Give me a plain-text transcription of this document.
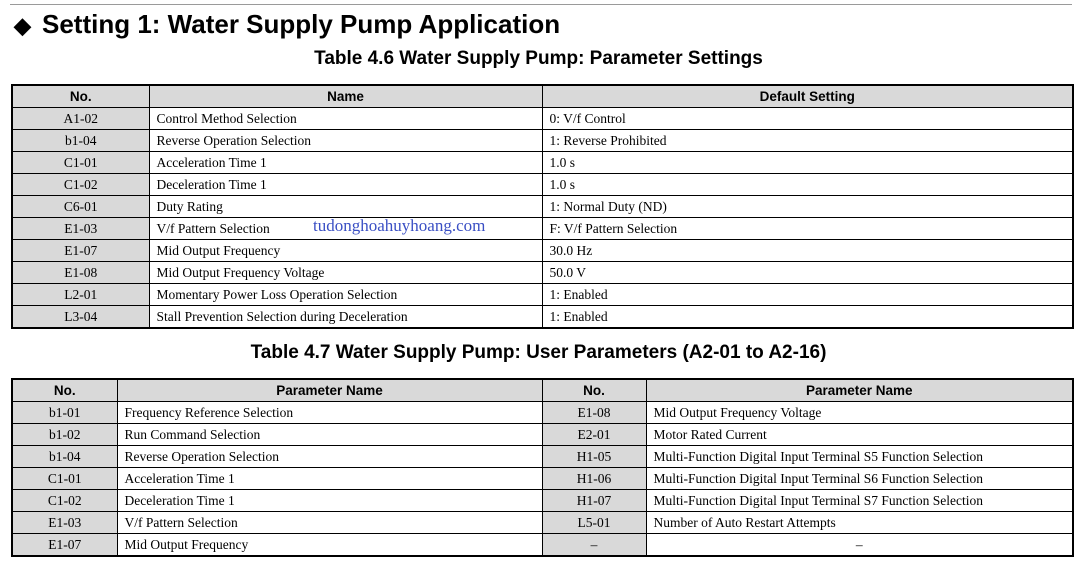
◆ Setting 1: Water Supply Pump Application
Table 4.6 Water Supply Pump: Parameter Settings
No.	Name	Default Setting
A1-02	Control Method Selection	0: V/f Control
b1-04	Reverse Operation Selection	1: Reverse Prohibited
C1-01	Acceleration Time 1	1.0 s
C1-02	Deceleration Time 1	1.0 s
C6-01	Duty Rating	1: Normal Duty (ND)
E1-03	V/f Pattern Selection	F: V/f Pattern Selection
E1-07	Mid Output Frequency	30.0 Hz
E1-08	Mid Output Frequency Voltage	50.0 V
L2-01	Momentary Power Loss Operation Selection	1: Enabled
L3-04	Stall Prevention Selection during Deceleration	1: Enabled
tudonghoahuyhoang.com
Table 4.7 Water Supply Pump: User Parameters (A2-01 to A2-16)
No.	Parameter Name	No.	Parameter Name
b1-01	Frequency Reference Selection	E1-08	Mid Output Frequency Voltage
b1-02	Run Command Selection	E2-01	Motor Rated Current
b1-04	Reverse Operation Selection	H1-05	Multi-Function Digital Input Terminal S5 Function Selection
C1-01	Acceleration Time 1	H1-06	Multi-Function Digital Input Terminal S6 Function Selection
C1-02	Deceleration Time 1	H1-07	Multi-Function Digital Input Terminal S7 Function Selection
E1-03	V/f Pattern Selection	L5-01	Number of Auto Restart Attempts
E1-07	Mid Output Frequency	–	–
